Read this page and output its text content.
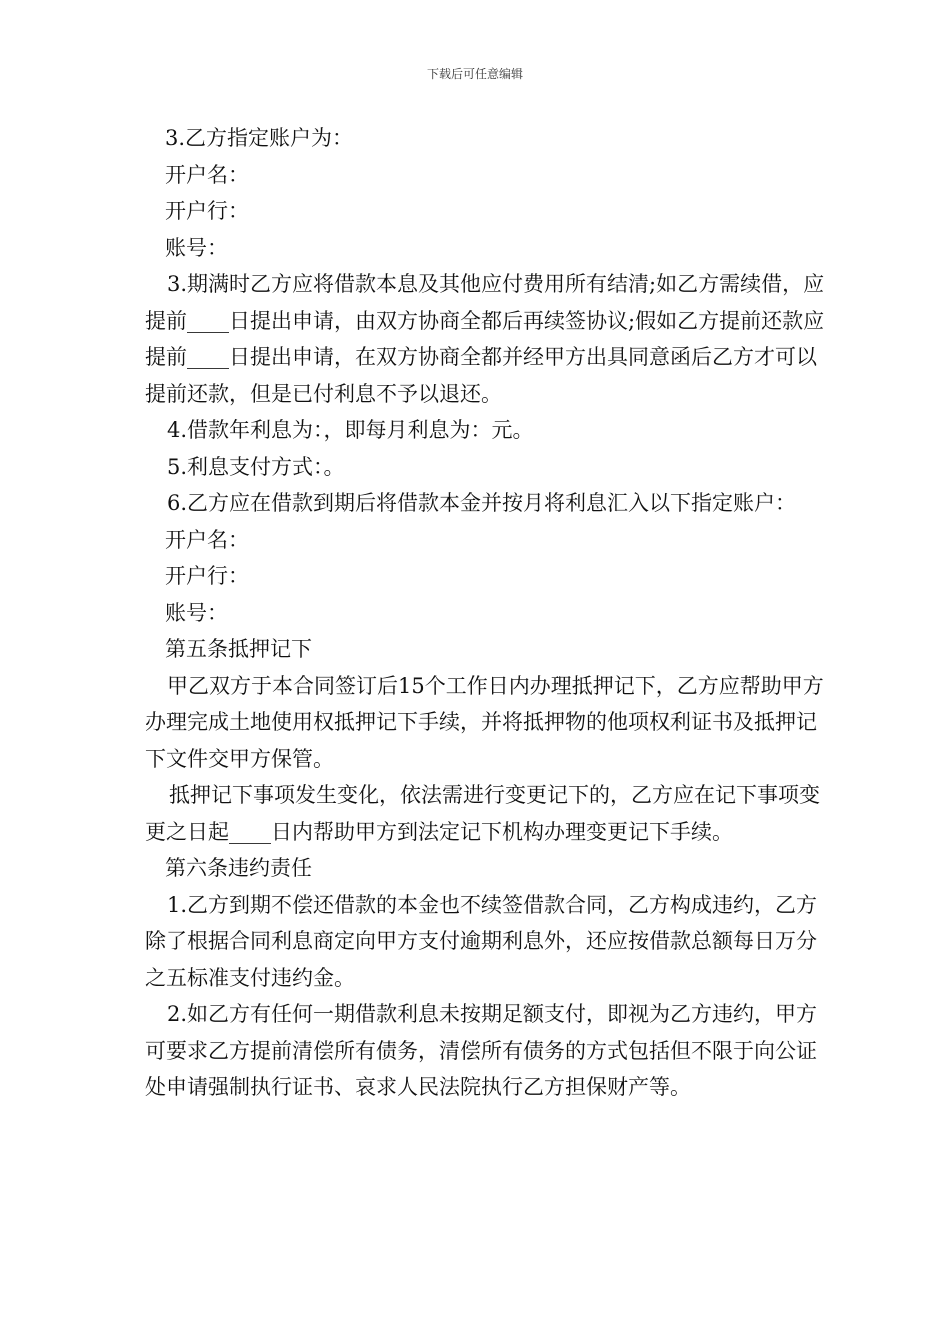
下载后可任意编辑

3.乙方指定账户为：

开户名：

开户行：

账号：

3.期满时乙方应将借款本息及其他应付费用所有结清;如乙方需续借，应提前____日提出申请，由双方协商全都后再续签协议;假如乙方提前还款应提前____日提出申请，在双方协商全都并经甲方出具同意函后乙方才可以提前还款，但是已付利息不予以退还。

4.借款年利息为：，即每月利息为：元。

5.利息支付方式：。

6.乙方应在借款到期后将借款本金并按月将利息汇入以下指定账户：

开户名：

开户行：

账号：

第五条抵押记下

甲乙双方于本合同签订后15个工作日内办理抵押记下，乙方应帮助甲方办理完成土地使用权抵押记下手续，并将抵押物的他项权利证书及抵押记下文件交甲方保管。

抵押记下事项发生变化，依法需进行变更记下的，乙方应在记下事项变更之日起____日内帮助甲方到法定记下机构办理变更记下手续。

第六条违约责任

1.乙方到期不偿还借款的本金也不续签借款合同，乙方构成违约，乙方除了根据合同利息商定向甲方支付逾期利息外，还应按借款总额每日万分之五标准支付违约金。

2.如乙方有任何一期借款利息未按期足额支付，即视为乙方违约，甲方可要求乙方提前清偿所有债务，清偿所有债务的方式包括但不限于向公证处申请强制执行证书、哀求人民法院执行乙方担保财产等。
